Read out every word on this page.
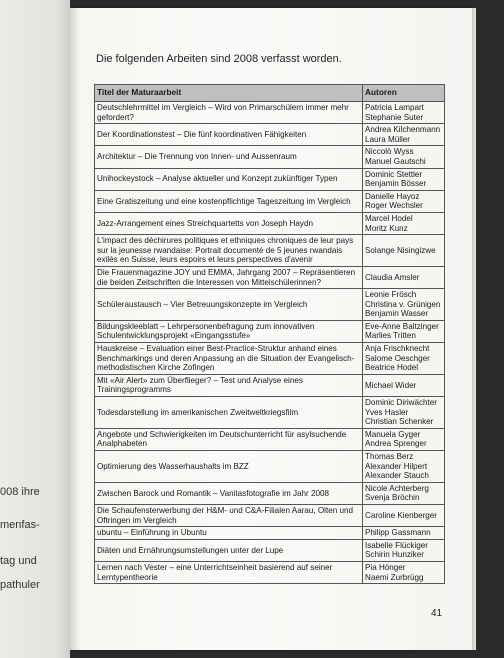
008 ihre
menfas-
tag und
pathuler
Die folgenden Arbeiten sind 2008 verfasst worden.
Titel der Maturaarbeit	Autoren
Deutschlehrmittel im Vergleich – Wird von Primarschülern immer mehr gefordert?	Patricia Lampart
Stephanie Suter

Der Koordinationstest – Die fünf koordinativen Fähigkeiten	Andrea Kilchenmann
Laura Müller

Architektur – Die Trennung von Innen- und Aussenraum	Niccolò Wyss
Manuel Gautschi

Unihockeystock – Analyse aktueller und Konzept zukünftiger Typen	Dominic Stettler
Benjamin Bösser

Eine Gratiszeitung und eine kostenpflichtige Tageszeitung im Vergleich	Danielle Hayoz
Roger Wechsler

Jazz-Arrangement eines Streichquartetts von Joseph Haydn	Marcel Hodel
Moritz Kunz

L'impact des déchirures politiques et ethniques chroniques de leur pays sur la jeunesse rwandaise: Portrait documenté de 5 jeunes rwandais exilés en Suisse, leurs espoirs et leurs perspectives d'avenir	Solange Nisingizwe

Die Frauenmagazine JOY und EMMA, Jahrgang 2007 – Repräsentieren die beiden Zeitschriften die Interessen von Mittelschülerinnen?	Claudia Amsler

Schüleraustausch – Vier Betreuungskonzepte im Vergleich	Leonie Frösch
Christina v. Grünigen
Benjamin Wasser

Bildungskleeblatt – Lehrpersonenbefragung zum innovativen Schulentwicklungsprojekt «Eingangsstufe»	Eve-Anne Baltzinger
Marlies Tritten

Hauskreise – Evaluation einer Best-Practice-Struktur anhand eines Benchmarkings und deren Anpassung an die Situation der Evangelisch-methodistischen Kirche Zofingen	Anja Frischknecht
Salome Oeschger
Beatrice Hodel

Mit «Air Alert» zum Überflieger? – Test und Analyse eines Trainingsprogramms	Michael Wider

Todesdarstellung im amerikanischen Zweitweltkriegsfilm	Dominic Diriwächter
Yves Hasler
Christian Schenker

Angebote und Schwierigkeiten im Deutschunterricht für asylsuchende Analphabeten	Manuela Gyger
Andrea Sprenger

Optimierung des Wasserhaushalts im BZZ	Thomas Berz
Alexander Hilpert
Alexander Stauch

Zwischen Barock und Romantik – Vanitasfotografie im Jahr 2008	Nicole Achterberg
Svenja Bröchin

Die Schaufensterwerbung der H&M- und C&A-Filialen Aarau, Olten und Oftringen im Vergleich	Caroline Kienberger

ubuntu – Einführung in Ubuntu	Philipp Gassmann

Diäten und Ernährungsumstellungen unter der Lupe	Isabelle Flückiger
Schirin Hunziker

Lernen nach Vester – eine Unterrichtseinheit basierend auf seiner Lerntypentheorie	Pia Hönger
Naemi Zurbrügg
41
